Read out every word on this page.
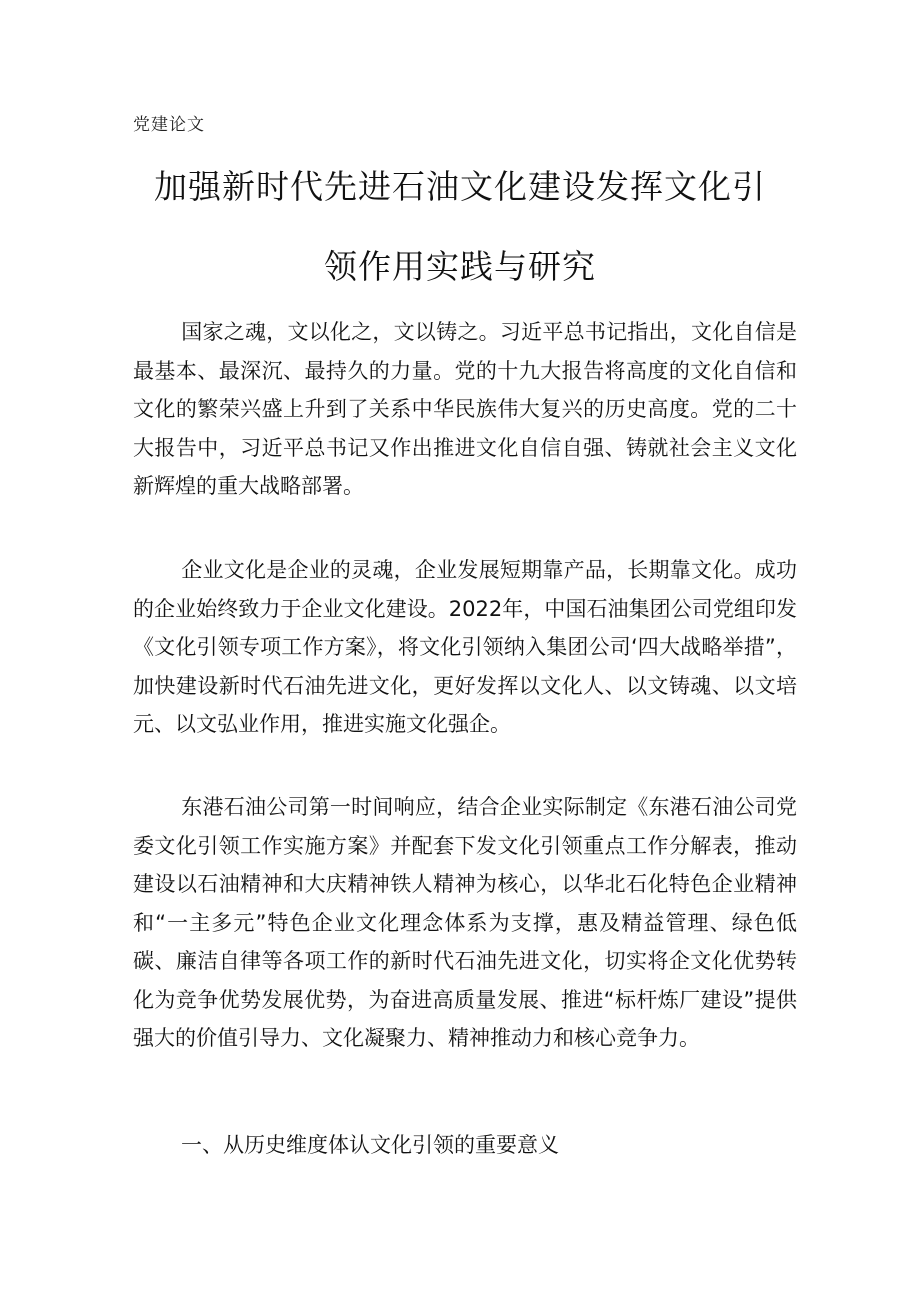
党建论文
加强新时代先进石油文化建设发挥文化引
领作用实践与研究

国家之魂，文以化之，文以铸之。习近平总书记指出，文化自信是最基本、最深沉、最持久的力量。党的十九大报告将高度的文化自信和文化的繁荣兴盛上升到了关系中华民族伟大复兴的历史高度。党的二十大报告中，习近平总书记又作出推进文化自信自强、铸就社会主义文化新辉煌的重大战略部署。

企业文化是企业的灵魂，企业发展短期靠产品，长期靠文化。成功的企业始终致力于企业文化建设。2022年，中国石油集团公司党组印发《文化引领专项工作方案》，将文化引领纳入集团公司‘四大战略举措”，加快建设新时代石油先进文化，更好发挥以文化人、以文铸魂、以文培元、以文弘业作用，推进实施文化强企。

东港石油公司第一时间响应，结合企业实际制定《东港石油公司党委文化引领工作实施方案》并配套下发文化引领重点工作分解表，推动建设以石油精神和大庆精神铁人精神为核心，以华北石化特色企业精神和“一主多元”特色企业文化理念体系为支撑，惠及精益管理、绿色低碳、廉洁自律等各项工作的新时代石油先进文化，切实将企文化优势转化为竞争优势发展优势，为奋进高质量发展、推进“标杆炼厂建设”提供强大的价值引导力、文化凝聚力、精神推动力和核心竞争力。

一、从历史维度体认文化引领的重要意义
